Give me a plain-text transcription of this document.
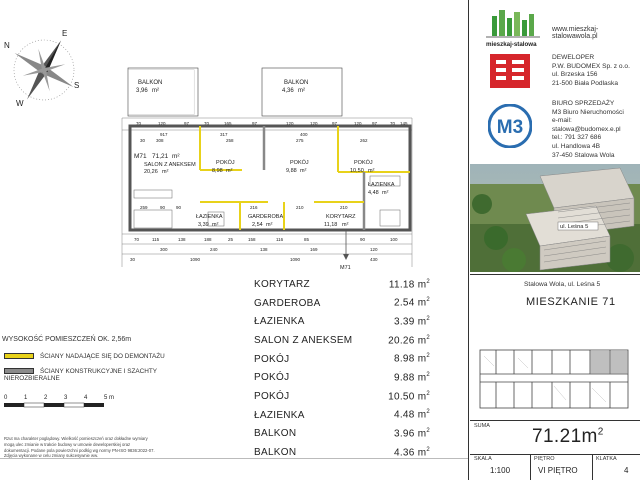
E
S
W
N
BALKON
3,96 m²
BALKON
4,36 m²
70	120	97	70	165	97	120	120	97	120 97	70 145
917	317	400
30 308	258	275	262
M71 71,21 m²
SALON Z ANEKSEM
20,26 m²
POKÓJ
8,98 m²
POKÓJ
9,88 m²
POKÓJ
10,50 m²
ŁAZIENKA
4,48 m²
ŁAZIENKA
3,39 m²
GARDEROBA
2,54 m²
KORYTARZ
11,18 m²
259	90 90	216	210	210
70	115	138	188	25	158	116	85	90	100
300	240	138	169	120
30	1090	1090	430
M71
KORYTARZ	11.18 $m^2$
GARDEROBA	2.54 $m^2$
ŁAZIENKA	3.39 $m^2$
SALON Z ANEKSEM	20.26 $m^2$
POKÓJ	8.98 $m^2$
POKÓJ	9.88 $m^2$
POKÓJ	10.50 $m^2$
ŁAZIENKA	4.48 $m^2$
BALKON	3.96 $m^2$
BALKON	4.36 $m^2$
WYSOKOŚĆ POMIESZCZEŃ OK. 2,56m
ŚCIANY NADAJĄCE SIĘ DO DEMONTAŻU
ŚCIANY KONSTRUKCYJNE I SZACHTY NIEROZBIERALNE
0	1	2	3	4	5 m
Rzut ma charakter poglądowy. Wielkość pomieszczeń oraz dokładne wymiary
mogą ulec zmianie w trakcie budowy w umowie deweloperskiej oraz
dokumentacji. Podane pola powierzchni podłóg wg normy PN-ISO 9836:2022-07.
Zdjęcia wykonane w celu zmiany sukcesywnie ww.
mieszkaj-stalowa
www.mieszkaj-stalowawola.pl
DEWELOPER
P.W. BUDOMEX Sp. z o.o.
ul. Brzeska 156
21-500 Biała Podlaska
M3
BIURO SPRZEDAŻY
M3 Biuro Nieruchomości
e-mail: stalowa@budomex.e.pl
tel.: 791 327 686
ul. Handlowa 4B
37-450 Stalowa Wola
ul. Leśna 5
Stalowa Wola, ul. Leśna 5
MIESZKANIE 71
SUMA $71.21m^2$
SKALA
1:100
PIĘTRO
VI PIĘTRO
KLATKA
4
